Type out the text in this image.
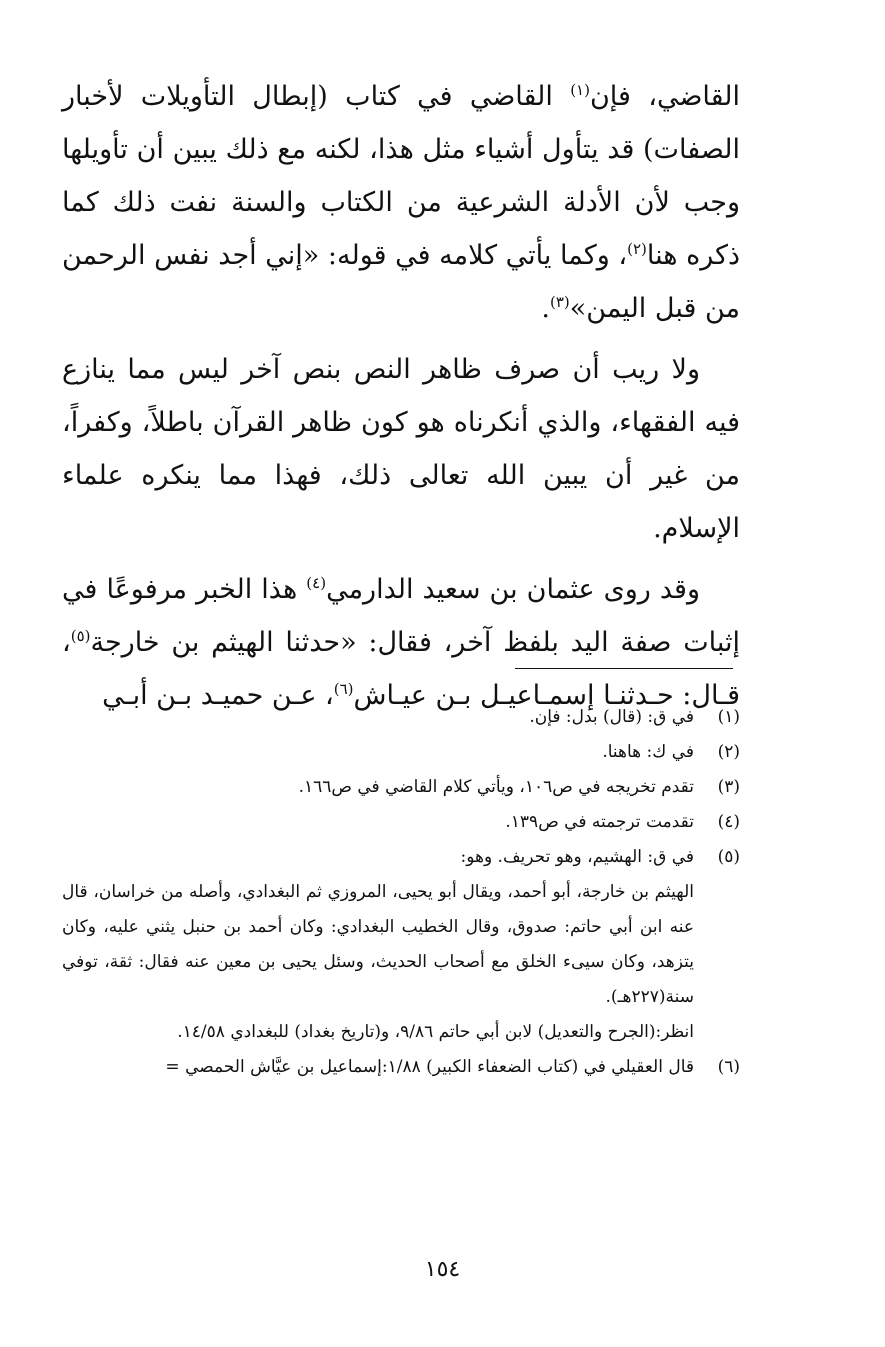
القاضي، فإن$^{(١)}$ القاضي في كتاب (إبطال التأويلات لأخبار الصفات) قد يتأول أشياء مثل هذا، لكنه مع ذلك يبين أن تأويلها وجب لأن الأدلة الشرعية من الكتاب والسنة نفت ذلك كما ذكره هنا$^{(٢)}$، وكما يأتي كلامه في قوله: «إني أجد نفس الرحمن من قبل اليمن»$^{(٣)}$.

ولا ريب أن صرف ظاهر النص بنص آخر ليس مما ينازع فيه الفقهاء، والذي أنكرناه هو كون ظاهر القرآن باطلاً، وكفراً، من غير أن يبين الله تعالى ذلك، فهذا مما ينكره علماء الإسلام.

وقد روى عثمان بن سعيد الدارمي$^{(٤)}$ هذا الخبر مرفوعًا في إثبات صفة اليد بلفظ آخر، فقال: «حدثنا الهيثم بن خارجة$^{(٥)}$، قـال: حـدثنـا إسمـاعيـل بـن عيـاش$^{(٦)}$، عـن حميـد بـن أبـي

(١)
في ق: (قال) بدل: فإن.
(٢)
في ك: هاهنا.
(٣)
تقدم تخريجه في ص١٠٦، ويأتي كلام القاضي في ص١٦٦.
(٤)
تقدمت ترجمته في ص١٣٩.
(٥)
في ق: الهشيم، وهو تحريف. وهو:
الهيثم بن خارجة، أبو أحمد، ويقال أبو يحيى، المروزي ثم البغدادي، وأصله من خراسان، قال عنه ابن أبي حاتم: صدوق، وقال الخطيب البغدادي: وكان أحمد بن حنبل يثني عليه، وكان يتزهد، وكان سيىء الخلق مع أصحاب الحديث، وسئل يحيى بن معين عنه فقال: ثقة، توفي سنة(٢٢٧هـ).
انظر:(الجرح والتعديل) لابن أبي حاتم ٩/٨٦، و(تاريخ بغداد) للبغدادي ١٤/٥٨.
(٦)
قال العقيلي في (كتاب الضعفاء الكبير) ١/٨٨:إسماعيل بن عيَّاش الحمصي =
١٥٤
